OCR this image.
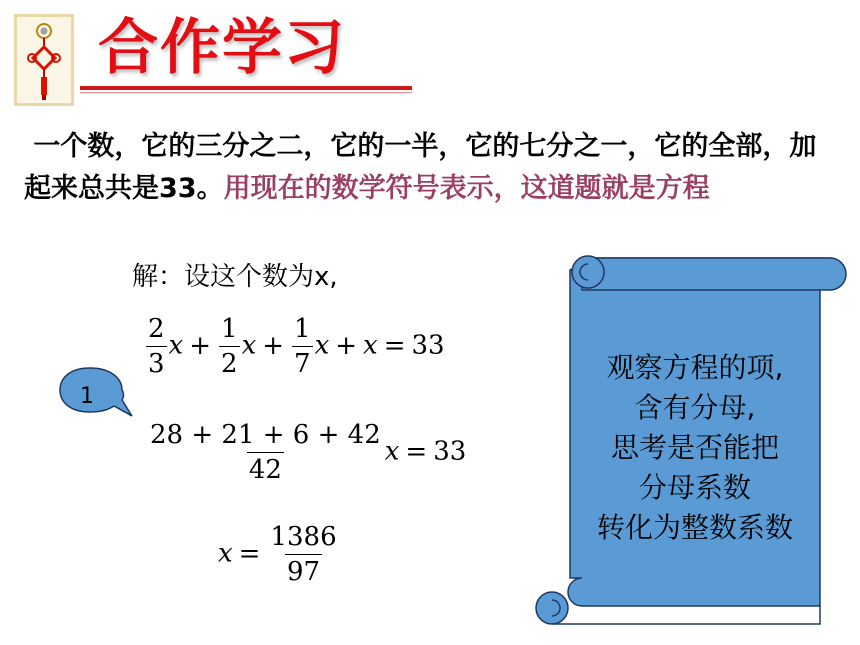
合作学习
一个数，它的三分之二，它的一半，它的七分之一，它的全部，加起来总共是33。用现在的数学符号表示，这道题就是方程
解：设这个数为x,
$\frac{2}{3}$ $x + \frac{1}{2}$ $x + \frac{1}{7}$ x + x = 33
$\frac{28 + 21 + 6 + 42}{42}$ x = 33
$x = \frac{1386}{97}$
1
观察方程的项,
含有分母,
思考是否能把
分母系数
转化为整数系数
